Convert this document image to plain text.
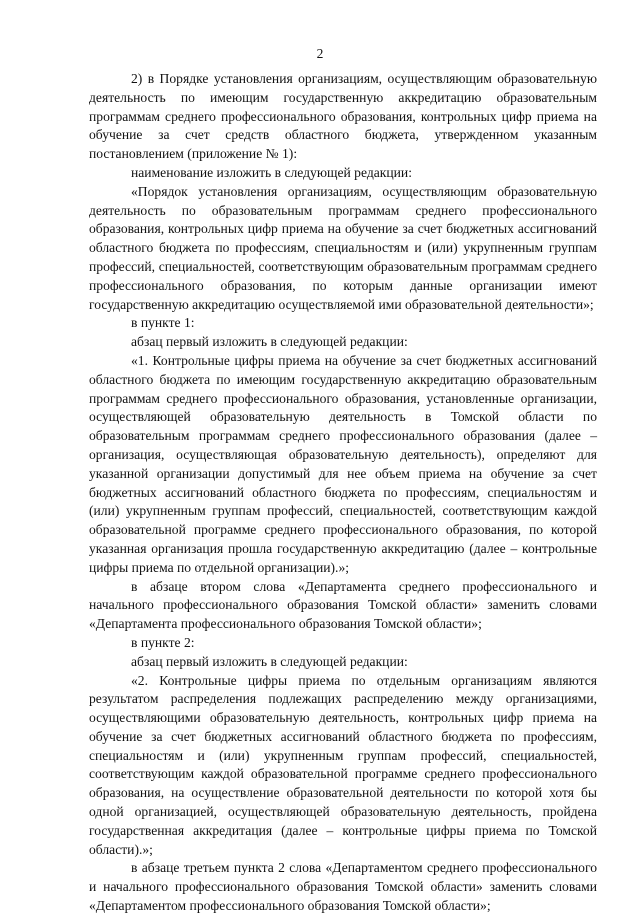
2

2) в Порядке установления организациям, осуществляющим образовательную деятельность по имеющим государственную аккредитацию образовательным программам среднего профессионального образования, контрольных цифр приема на обучение за счет средств областного бюджета, утвержденном указанным постановлением (приложение № 1):

наименование изложить в следующей редакции:

«Порядок установления организациям, осуществляющим образовательную деятельность по образовательным программам среднего профессионального образования, контрольных цифр приема на обучение за счет бюджетных ассигнований областного бюджета по профессиям, специальностям и (или) укрупненным группам профессий, специальностей, соответствующим образовательным программам среднего профессионального образования, по которым данные организации имеют государственную аккредитацию осуществляемой ими образовательной деятельности»;

в пункте 1:

абзац первый изложить в следующей редакции:

«1. Контрольные цифры приема на обучение за счет бюджетных ассигнований областного бюджета по имеющим государственную аккредитацию образовательным программам среднего профессионального образования, установленные организации, осуществляющей образовательную деятельность в Томской области по образовательным программам среднего профессионального образования (далее – организация, осуществляющая образовательную деятельность), определяют для указанной организации допустимый для нее объем приема на обучение за счет бюджетных ассигнований областного бюджета по профессиям, специальностям и (или) укрупненным группам профессий, специальностей, соответствующим каждой образовательной программе среднего профессионального образования, по которой указанная организация прошла государственную аккредитацию (далее – контрольные цифры приема по отдельной организации).»;

в абзаце втором слова «Департамента среднего профессионального и начального профессионального образования Томской области» заменить словами «Департамента профессионального образования Томской области»;

в пункте 2:

абзац первый изложить в следующей редакции:

«2. Контрольные цифры приема по отдельным организациям являются результатом распределения подлежащих распределению между организациями, осуществляющими образовательную деятельность, контрольных цифр приема на обучение за счет бюджетных ассигнований областного бюджета по профессиям, специальностям и (или) укрупненным группам профессий, специальностей, соответствующим каждой образовательной программе среднего профессионального образования, на осуществление образовательной деятельности по которой хотя бы одной организацией, осуществляющей образовательную деятельность, пройдена государственная аккредитация (далее – контрольные цифры приема по Томской области).»;

в абзаце третьем пункта 2 слова «Департаментом среднего профессионального и начального профессионального образования Томской области» заменить словами «Департаментом профессионального образования Томской области»;
